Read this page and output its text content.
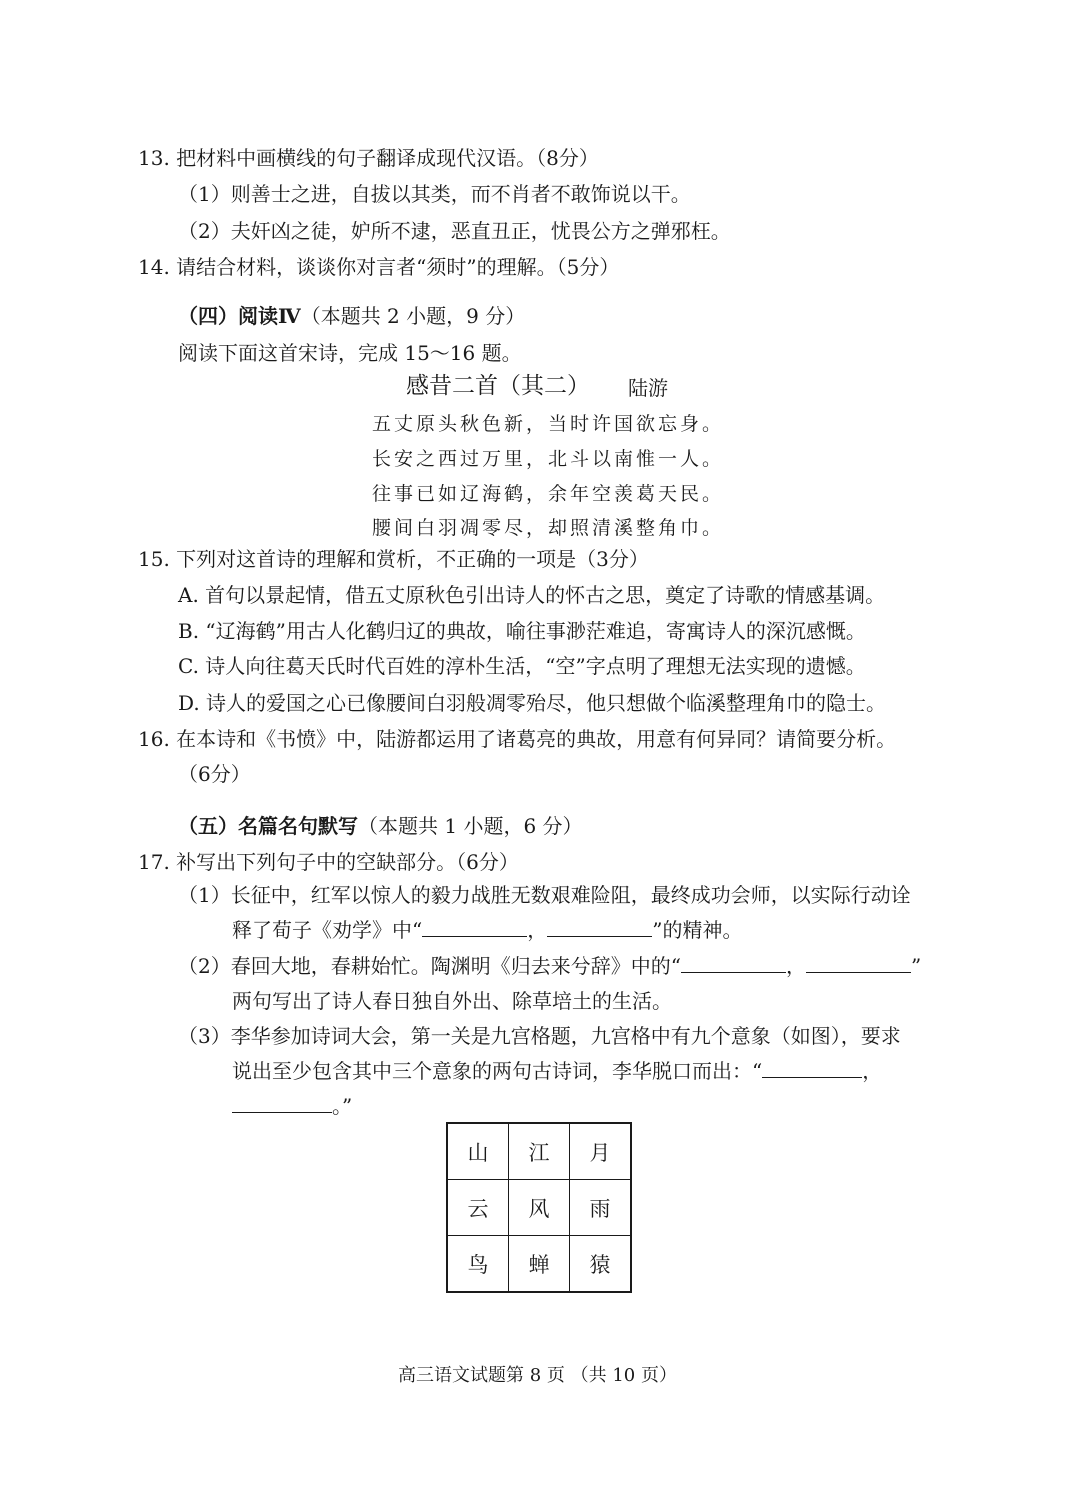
13. 把材料中画横线的句子翻译成现代汉语。（8分）
（1）则善士之进，自拔以其类，而不肖者不敢饰说以干。
（2）夫奸凶之徒，妒所不逮，恶直丑正，忧畏公方之弹邪枉。
14. 请结合材料，谈谈你对言者“须时”的理解。（5分）
（四）阅读Ⅳ（本题共 2 小题，9 分）
阅读下面这首宋诗，完成 15～16 题。
感昔二首（其二） 陆游
五丈原头秋色新，当时许国欲忘身。
长安之西过万里，北斗以南惟一人。
往事已如辽海鹤，余年空羡葛天民。
腰间白羽凋零尽，却照清溪整角巾。
15. 下列对这首诗的理解和赏析，不正确的一项是（3分）
A. 首句以景起情，借五丈原秋色引出诗人的怀古之思，奠定了诗歌的情感基调。
B. “辽海鹤”用古人化鹤归辽的典故，喻往事渺茫难追，寄寓诗人的深沉感慨。
C. 诗人向往葛天氏时代百姓的淳朴生活，“空”字点明了理想无法实现的遗憾。
D. 诗人的爱国之心已像腰间白羽般凋零殆尽，他只想做个临溪整理角巾的隐士。
16. 在本诗和《书愤》中，陆游都运用了诸葛亮的典故，用意有何异同？请简要分析。
（6分）
（五）名篇名句默写（本题共 1 小题，6 分）
17. 补写出下列句子中的空缺部分。（6分）
（1）长征中，红军以惊人的毅力战胜无数艰难险阻，最终成功会师，以实际行动诠
释了荀子《劝学》中“	，	”的精神。
（2）春回大地，春耕始忙。陶渊明《归去来兮辞》中的“	，	”
两句写出了诗人春日独自外出、除草培土的生活。
（3）李华参加诗词大会，第一关是九宫格题，九宫格中有九个意象（如图），要求
说出至少包含其中三个意象的两句古诗词，李华脱口而出：“	，
。”
山	江	月
云	风	雨
鸟	蝉	猿
高三语文试题第 8 页 （共 10 页）
